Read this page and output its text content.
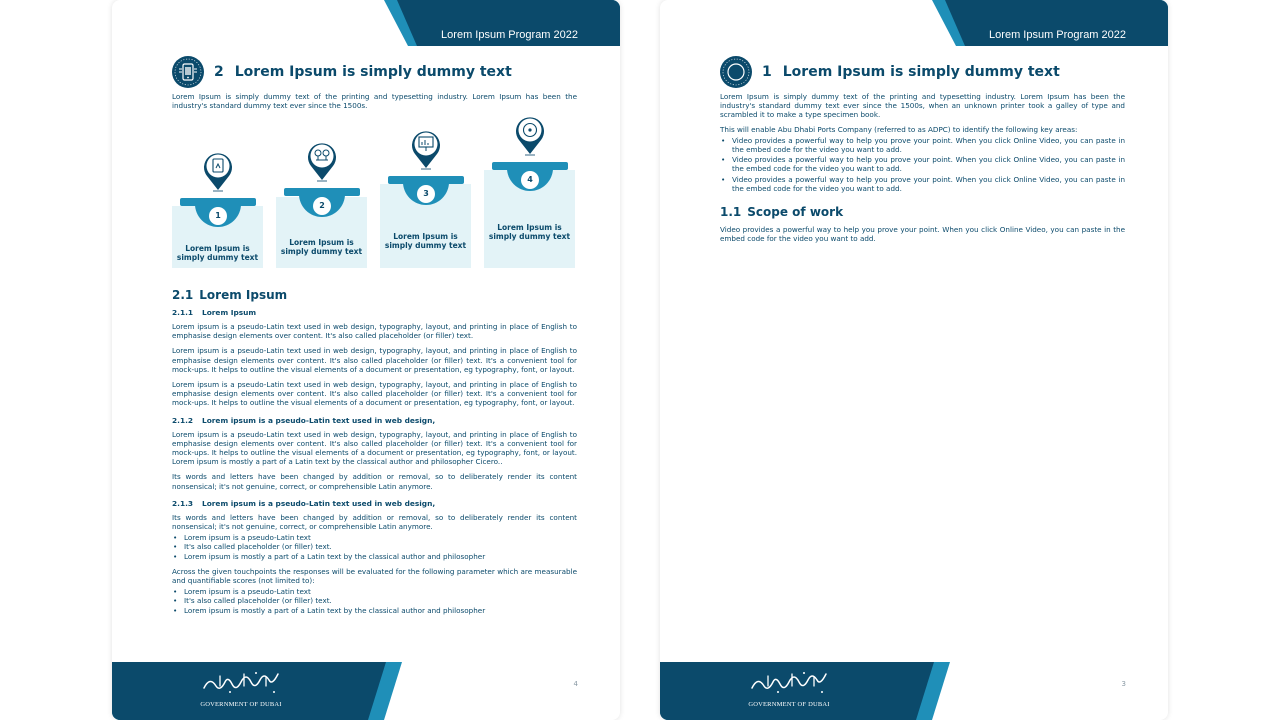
Lorem Ipsum Program 2022
2 Lorem Ipsum is simply dummy text

Lorem Ipsum is simply dummy text of the printing and typesetting industry. Lorem Ipsum has been the industry's standard dummy text ever since the 1500s.

1
Lorem Ipsum is simply dummy text
2
Lorem Ipsum is simply dummy text
3
Lorem Ipsum is simply dummy text
4
Lorem Ipsum is simply dummy text
2.1 Lorem Ipsum
2.1.1 Lorem Ipsum

Lorem ipsum is a pseudo-Latin text used in web design, typography, layout, and printing in place of English to emphasise design elements over content. It's also called placeholder (or filler) text.

Lorem ipsum is a pseudo-Latin text used in web design, typography, layout, and printing in place of English to emphasise design elements over content. It's also called placeholder (or filler) text. It's a convenient tool for mock-ups. It helps to outline the visual elements of a document or presentation, eg typography, font, or layout.

Lorem ipsum is a pseudo-Latin text used in web design, typography, layout, and printing in place of English to emphasise design elements over content. It's also called placeholder (or filler) text. It's a convenient tool for mock-ups. It helps to outline the visual elements of a document or presentation, eg typography, font, or layout.

2.1.2 Lorem ipsum is a pseudo-Latin text used in web design,

Lorem ipsum is a pseudo-Latin text used in web design, typography, layout, and printing in place of English to emphasise design elements over content. It's also called placeholder (or filler) text. It's a convenient tool for mock-ups. It helps to outline the visual elements of a document or presentation, eg typography, font, or layout. Lorem ipsum is mostly a part of a Latin text by the classical author and philosopher Cicero..

Its words and letters have been changed by addition or removal, so to deliberately render its content nonsensical; it's not genuine, correct, or comprehensible Latin anymore.

2.1.3 Lorem ipsum is a pseudo-Latin text used in web design,

Its words and letters have been changed by addition or removal, so to deliberately render its content nonsensical; it's not genuine, correct, or comprehensible Latin anymore.

• Lorem ipsum is a pseudo-Latin text
• It's also called placeholder (or filler) text.
• Lorem ipsum is mostly a part of a Latin text by the classical author and philosopher

Across the given touchpoints the responses will be evaluated for the following parameter which are measurable and quantifiable scores (not limited to):

• Lorem ipsum is a pseudo-Latin text
• It's also called placeholder (or filler) text.
• Lorem ipsum is mostly a part of a Latin text by the classical author and philosopher
GOVERNMENT OF DUBAI
4
Lorem Ipsum Program 2022
1 Lorem Ipsum is simply dummy text

Lorem Ipsum is simply dummy text of the printing and typesetting industry. Lorem Ipsum has been the industry's standard dummy text ever since the 1500s, when an unknown printer took a galley of type and scrambled it to make a type specimen book.

This will enable Abu Dhabi Ports Company (referred to as ADPC) to identify the following key areas:

• Video provides a powerful way to help you prove your point. When you click Online Video, you can paste in the embed code for the video you want to add.
• Video provides a powerful way to help you prove your point. When you click Online Video, you can paste in the embed code for the video you want to add.
• Video provides a powerful way to help you prove your point. When you click Online Video, you can paste in the embed code for the video you want to add.
1.1 Scope of work

Video provides a powerful way to help you prove your point. When you click Online Video, you can paste in the embed code for the video you want to add.

GOVERNMENT OF DUBAI
3
